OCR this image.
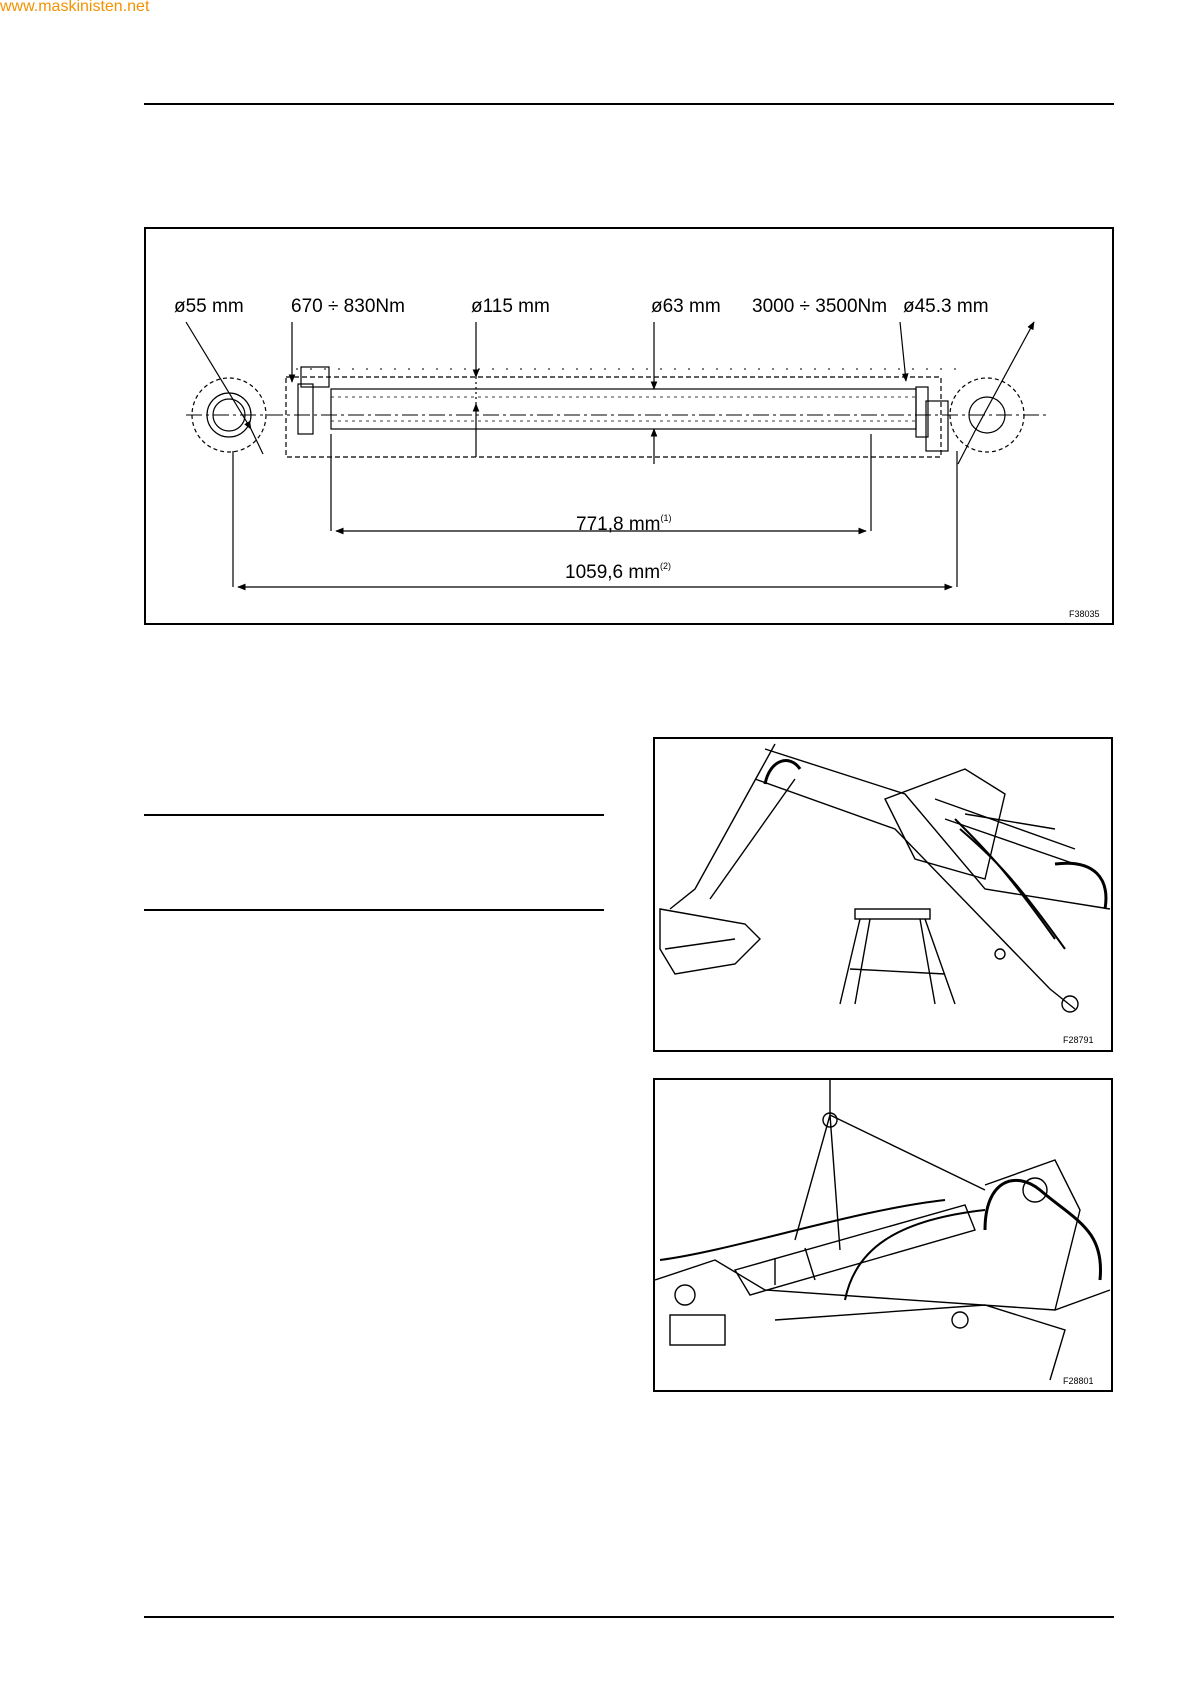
www.maskinisten.net
ø55 mm 670 ÷ 830Nm	ø115 mm	ø63 mm 3000 ÷ 3500Nm ø45.3 mm
771,8 $mm^{(1)}$
1059,6 $mm^{(2)}$
F38035
F28791
F28801
